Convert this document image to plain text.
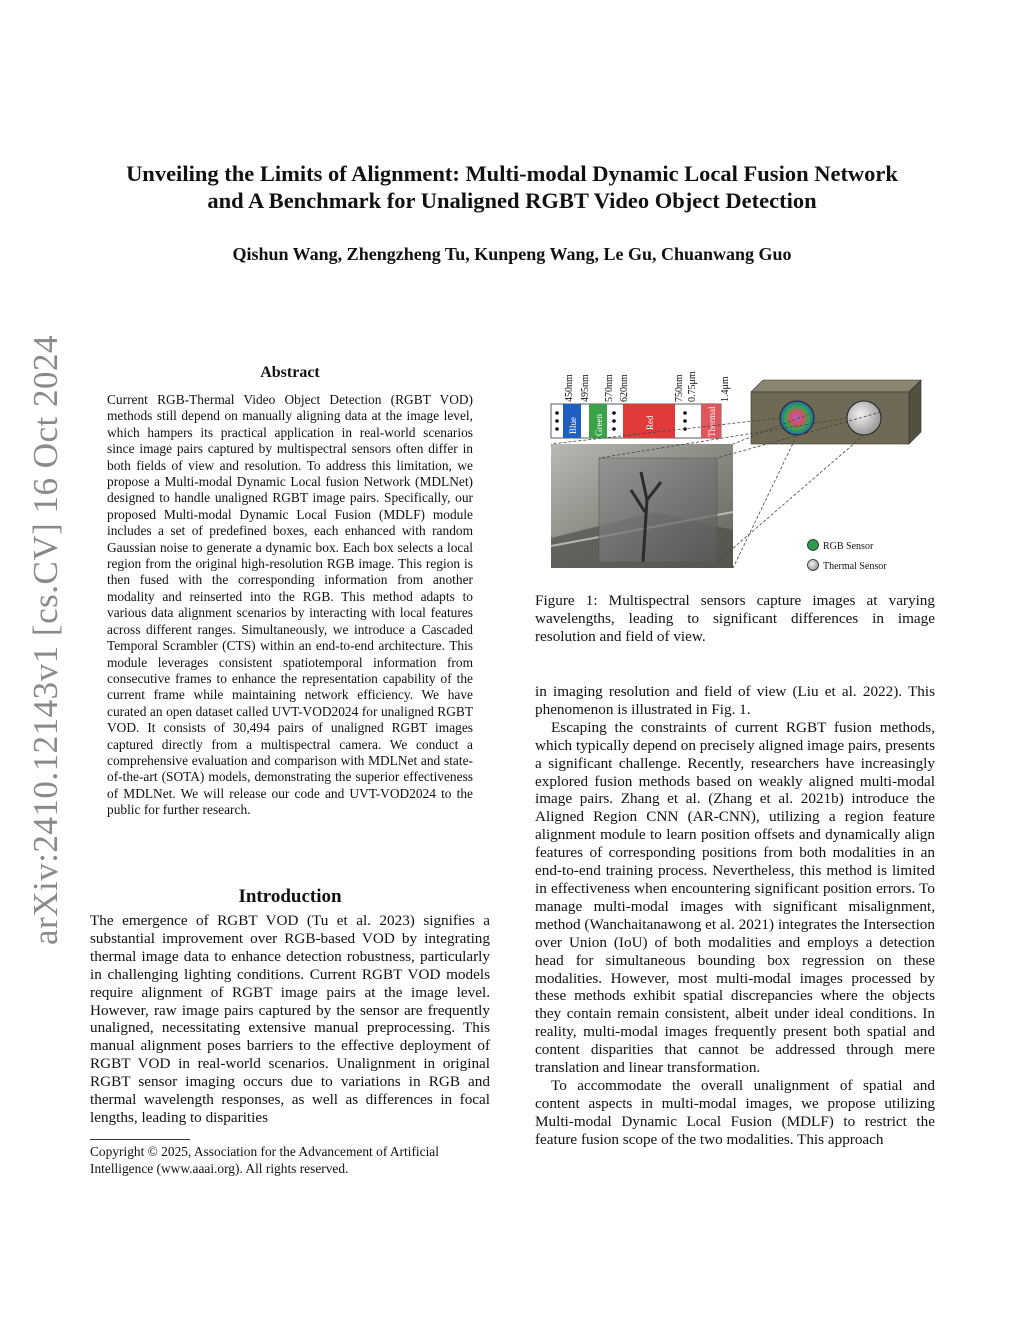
Unveiling the Limits of Alignment: Multi-modal Dynamic Local Fusion Network
and A Benchmark for Unaligned RGBT Video Object Detection
Qishun Wang, Zhengzheng Tu, Kunpeng Wang, Le Gu, Chuanwang Guo
arXiv:2410.12143v1 [cs.CV] 16 Oct 2024	Abstract
Current RGB-Thermal Video Object Detection (RGBT VOD) methods still depend on manually aligning data at the image level, which hampers its practical application in real-world scenarios since image pairs captured by multispectral sensors often differ in both fields of view and resolution. To address this limitation, we propose a Multi-modal Dynamic Local fusion Network (MDLNet) designed to handle unaligned RGBT image pairs. Specifically, our proposed Multi-modal Dynamic Local Fusion (MDLF) module includes a set of predefined boxes, each enhanced with random Gaussian noise to generate a dynamic box. Each box selects a local region from the original high-resolution RGB image. This region is then fused with the corresponding information from another modality and reinserted into the RGB. This method adapts to various data alignment scenarios by interacting with local features across different ranges. Simultaneously, we introduce a Cascaded Temporal Scrambler (CTS) within an end-to-end architecture. This module leverages consistent spatiotemporal information from consecutive frames to enhance the representation capability of the current frame while maintaining network efficiency. We have curated an open dataset called UVT-VOD2024 for unaligned RGBT VOD. It consists of 30,494 pairs of unaligned RGBT images captured directly from a multispectral camera. We conduct a comprehensive evaluation and comparison with MDLNet and state-of-the-art (SOTA) models, demonstrating the superior effectiveness of MDLNet. We will release our code and UVT-VOD2024 to the public for further research.
Introduction
The emergence of RGBT VOD (Tu et al. 2023) signifies a substantial improvement over RGB-based VOD by integrating thermal image data to enhance detection robustness, particularly in challenging lighting conditions. Current RGBT VOD models require alignment of RGBT image pairs at the image level. However, raw image pairs captured by the sensor are frequently unaligned, necessitating extensive manual preprocessing. This manual alignment poses barriers to the effective deployment of RGBT VOD in real-world scenarios. Unalignment in original RGBT sensor imaging occurs due to variations in RGB and thermal wavelength responses, as well as differences in focal lengths, leading to disparities
Copyright © 2025, Association for the Advancement of Artificial Intelligence (www.aaai.org). All rights reserved.
450nm 495nm 570nm 620nm	750nm 0.75μm 1.4μm
Blue Green	Red	Thermal
RGB Sensor
Thermal Sensor
Figure 1: Multispectral sensors capture images at varying wavelengths, leading to significant differences in image resolution and field of view.

in imaging resolution and field of view (Liu et al. 2022). This phenomenon is illustrated in Fig. 1.

Escaping the constraints of current RGBT fusion methods, which typically depend on precisely aligned image pairs, presents a significant challenge. Recently, researchers have increasingly explored fusion methods based on weakly aligned multi-modal image pairs. Zhang et al. (Zhang et al. 2021b) introduce the Aligned Region CNN (AR-CNN), utilizing a region feature alignment module to learn position offsets and dynamically align features of corresponding positions from both modalities in an end-to-end training process. Nevertheless, this method is limited in effectiveness when encountering significant position errors. To manage multi-modal images with significant misalignment, method (Wanchaitanawong et al. 2021) integrates the Intersection over Union (IoU) of both modalities and employs a detection head for simultaneous bounding box regression on these modalities. However, most multi-modal images processed by these methods exhibit spatial discrepancies where the objects they contain remain consistent, albeit under ideal conditions. In reality, multi-modal images frequently present both spatial and content disparities that cannot be addressed through mere translation and linear transformation.

To accommodate the overall unalignment of spatial and content aspects in multi-modal images, we propose utilizing Multi-modal Dynamic Local Fusion (MDLF) to restrict the feature fusion scope of the two modalities. This approach
